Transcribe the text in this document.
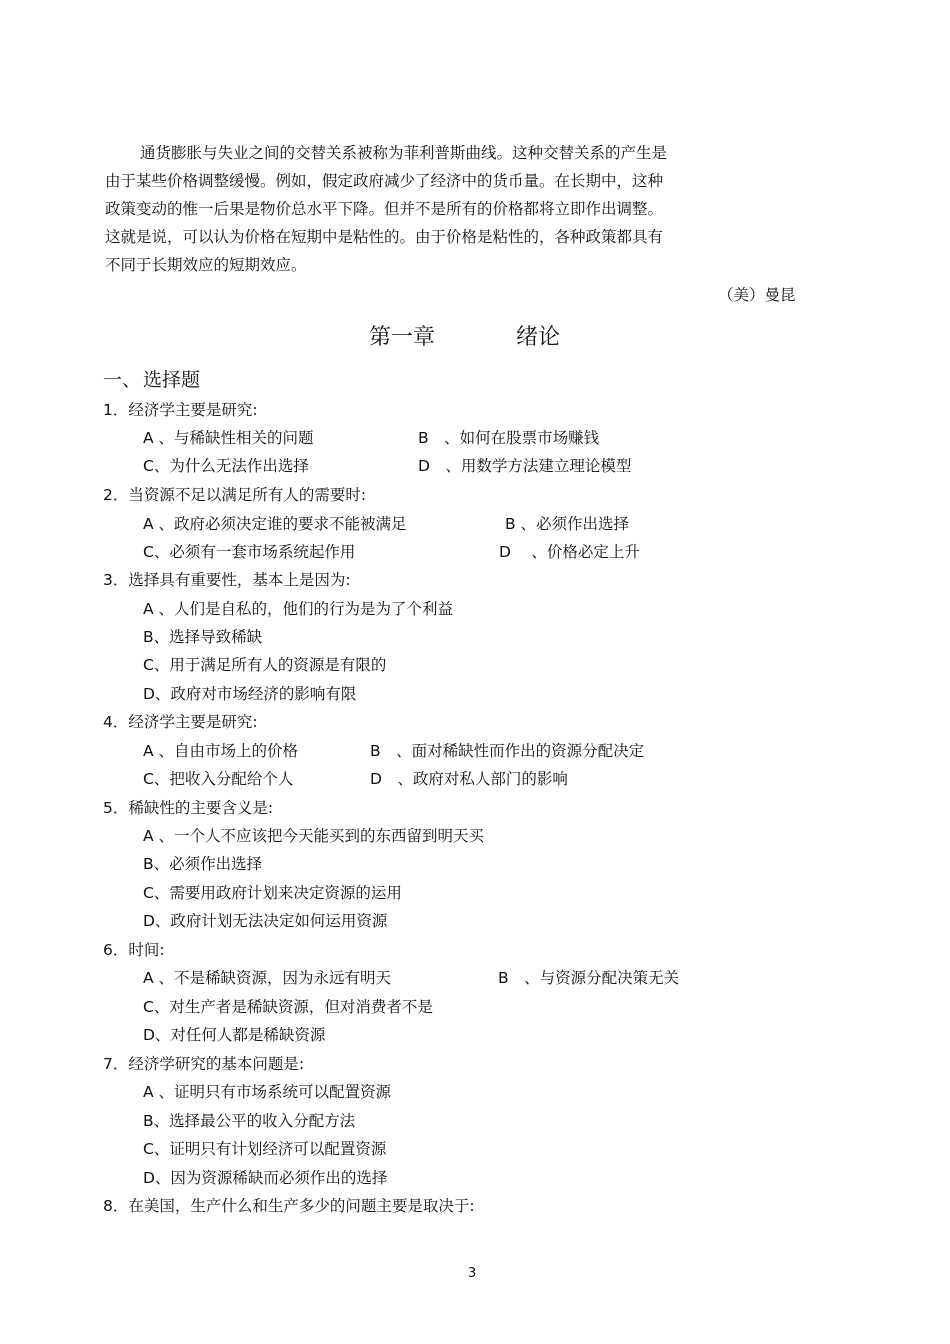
通货膨胀与失业之间的交替关系被称为菲利普斯曲线。这种交替关系的产生是
由于某些价格调整缓慢。例如，假定政府减少了经济中的货币量。在长期中，这种
政策变动的惟一后果是物价总水平下降。但并不是所有的价格都将立即作出调整。
这就是说，可以认为价格在短期中是粘性的。由于价格是粘性的，各种政策都具有
不同于长期效应的短期效应。
（美）曼昆
第一章	绪论
一、 选择题
1．经济学主要是研究:
A 、与稀缺性相关的问题	B　、如何在股票市场赚钱
C、为什么无法作出选择	D　、用数学方法建立理论模型
2．当资源不足以满足所有人的需要时:
A 、政府必须决定谁的要求不能被满足	B 、必须作出选择
C、必须有一套市场系统起作用	D　 、价格必定上升
3．选择具有重要性，基本上是因为:
A 、人们是自私的，他们的行为是为了个利益
B、选择导致稀缺
C、用于满足所有人的资源是有限的
D、政府对市场经济的影响有限
4．经济学主要是研究:
A 、自由市场上的价格	B　、面对稀缺性而作出的资源分配决定
C、把收入分配给个人	D　、政府对私人部门的影响
5．稀缺性的主要含义是:
A 、一个人不应该把今天能买到的东西留到明天买
B、必须作出选择
C、需要用政府计划来决定资源的运用
D、政府计划无法决定如何运用资源
6．时间:
A 、不是稀缺资源，因为永远有明天	B　、与资源分配决策无关
C、对生产者是稀缺资源，但对消费者不是
D、对任何人都是稀缺资源
7．经济学研究的基本问题是:
A 、证明只有市场系统可以配置资源
B、选择最公平的收入分配方法
C、证明只有计划经济可以配置资源
D、因为资源稀缺而必须作出的选择
8．在美国，生产什么和生产多少的问题主要是取决于:
3
